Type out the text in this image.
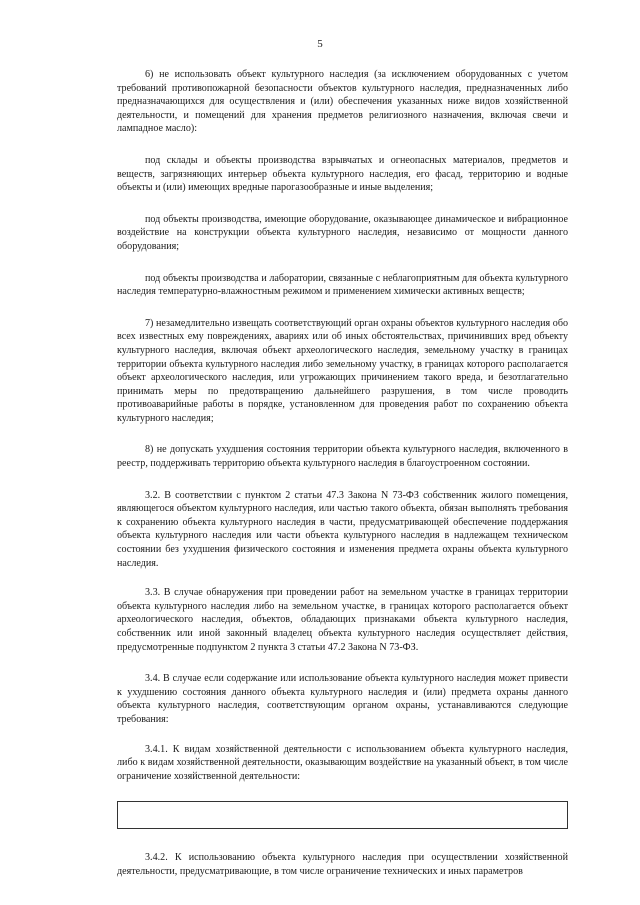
5

6) не использовать объект культурного наследия (за исключением оборудованных с учетом требований противопожарной безопасности объектов культурного наследия, предназначенных либо предназначающихся для осуществления и (или) обеспечения указанных ниже видов хозяйственной деятельности, и помещений для хранения предметов религиозного назначения, включая свечи и лампадное масло):

под склады и объекты производства взрывчатых и огнеопасных материалов, предметов и веществ, загрязняющих интерьер объекта культурного наследия, его фасад, территорию и водные объекты и (или) имеющих вредные парогазообразные и иные выделения;

под объекты производства, имеющие оборудование, оказывающее динамическое и вибрационное воздействие на конструкции объекта культурного наследия, независимо от мощности данного оборудования;

под объекты производства и лаборатории, связанные с неблагоприятным для объекта культурного наследия температурно-влажностным режимом и применением химически активных веществ;

7) незамедлительно извещать соответствующий орган охраны объектов культурного наследия обо всех известных ему повреждениях, авариях или об иных обстоятельствах, причинивших вред объекту культурного наследия, включая объект археологического наследия, земельному участку в границах территории объекта культурного наследия либо земельному участку, в границах которого располагается объект археологического наследия, или угрожающих причинением такого вреда, и безотлагательно принимать меры по предотвращению дальнейшего разрушения, в том числе проводить противоаварийные работы в порядке, установленном для проведения работ по сохранению объекта культурного наследия;

8) не допускать ухудшения состояния территории объекта культурного наследия, включенного в реестр, поддерживать территорию объекта культурного наследия в благоустроенном состоянии.

3.2. В соответствии с пунктом 2 статьи 47.3 Закона N 73-ФЗ собственник жилого помещения, являющегося объектом культурного наследия, или частью такого объекта, обязан выполнять требования к сохранению объекта культурного наследия в части, предусматривающей обеспечение поддержания объекта культурного наследия или части объекта культурного наследия в надлежащем техническом состоянии без ухудшения физического состояния и изменения предмета охраны объекта культурного наследия.

3.3. В случае обнаружения при проведении работ на земельном участке в границах территории объекта культурного наследия либо на земельном участке, в границах которого располагается объект археологического наследия, объектов, обладающих признаками объекта культурного наследия, собственник или иной законный владелец объекта культурного наследия осуществляет действия, предусмотренные подпунктом 2 пункта 3 статьи 47.2 Закона N 73-ФЗ.

3.4. В случае если содержание или использование объекта культурного наследия может привести к ухудшению состояния данного объекта культурного наследия и (или) предмета охраны данного объекта культурного наследия, соответствующим органом охраны, устанавливаются следующие требования:

3.4.1. К видам хозяйственной деятельности с использованием объекта культурного наследия, либо к видам хозяйственной деятельности, оказывающим воздействие на указанный объект, в том числе ограничение хозяйственной деятельности:

3.4.2. К использованию объекта культурного наследия при осуществлении хозяйственной деятельности, предусматривающие, в том числе ограничение технических и иных параметров
